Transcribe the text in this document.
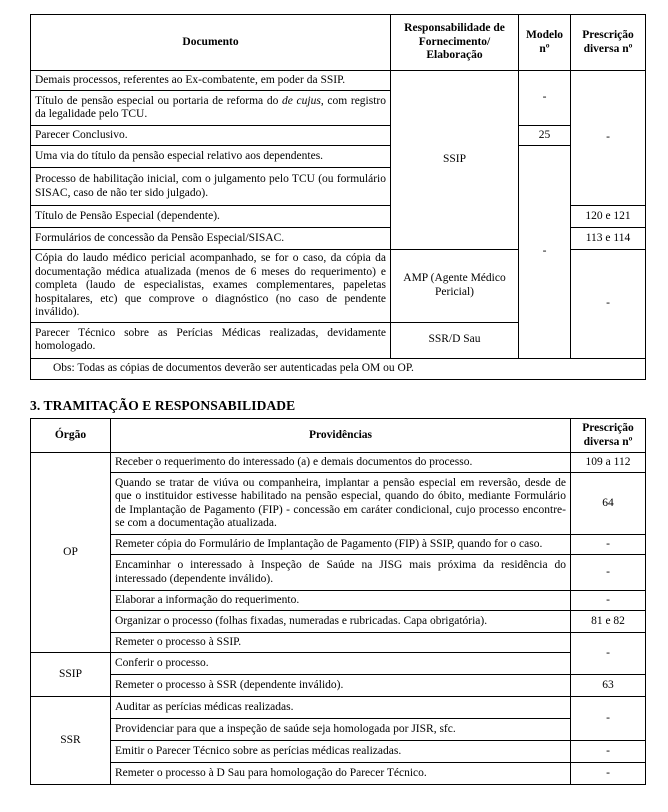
Documento	Responsabilidade de Fornecimento/ Elaboração	Modelo nº	Prescrição diversa nº
Demais processos, referentes ao Ex-combatente, em poder da SSIP.	SSIP	-	-
Título de pensão especial ou portaria de reforma do de cujus, com registro da legalidade pelo TCU.			
Parecer Conclusivo.		25	
Uma via do título da pensão especial relativo aos dependentes.		-	
Processo de habilitação inicial, com o julgamento pelo TCU (ou formulário SISAC, caso de não ter sido julgado).			
Título de Pensão Especial (dependente).			120 e 121
Formulários de concessão da Pensão Especial/SISAC.			113 e 114
Cópia do laudo médico pericial acompanhado, se for o caso, da cópia da documentação médica atualizada (menos de 6 meses do requerimento) e completa (laudo de especialistas, exames complementares, papeletas hospitalares, etc) que comprove o diagnóstico (no caso de pendente inválido).	AMP (Agente Médico Pericial)		-
Parecer Técnico sobre as Perícias Médicas realizadas, devidamente homologado.	SSR/D Sau		
Obs: Todas as cópias de documentos deverão ser autenticadas pela OM ou OP.			
3. TRAMITAÇÃO E RESPONSABILIDADE
Órgão	Providências	Prescrição diversa nº
OP	Receber o requerimento do interessado (a) e demais documentos do processo.	109 a 112
	Quando se tratar de viúva ou companheira, implantar a pensão especial em reversão, desde de que o instituidor estivesse habilitado na pensão especial, quando do óbito, mediante Formulário de Implantação de Pagamento (FIP) - concessão em caráter condicional, cujo processo encontre-se com a documentação atualizada.	64
	Remeter cópia do Formulário de Implantação de Pagamento (FIP) à SSIP, quando for o caso.	-
	Encaminhar o interessado à Inspeção de Saúde na JISG mais próxima da residência do interessado (dependente inválido).	-
	Elaborar a informação do requerimento.	-
	Organizar o processo (folhas fixadas, numeradas e rubricadas. Capa obrigatória).	81 e 82
	Remeter o processo à SSIP.	-
SSIP	Conferir o processo.	
	Remeter o processo à SSR (dependente inválido).	63
SSR	Auditar as perícias médicas realizadas.	-
	Providenciar para que a inspeção de saúde seja homologada por JISR, sfc.	
	Emitir o Parecer Técnico sobre as perícias médicas realizadas.	-
	Remeter o processo à D Sau para homologação do Parecer Técnico.	-
